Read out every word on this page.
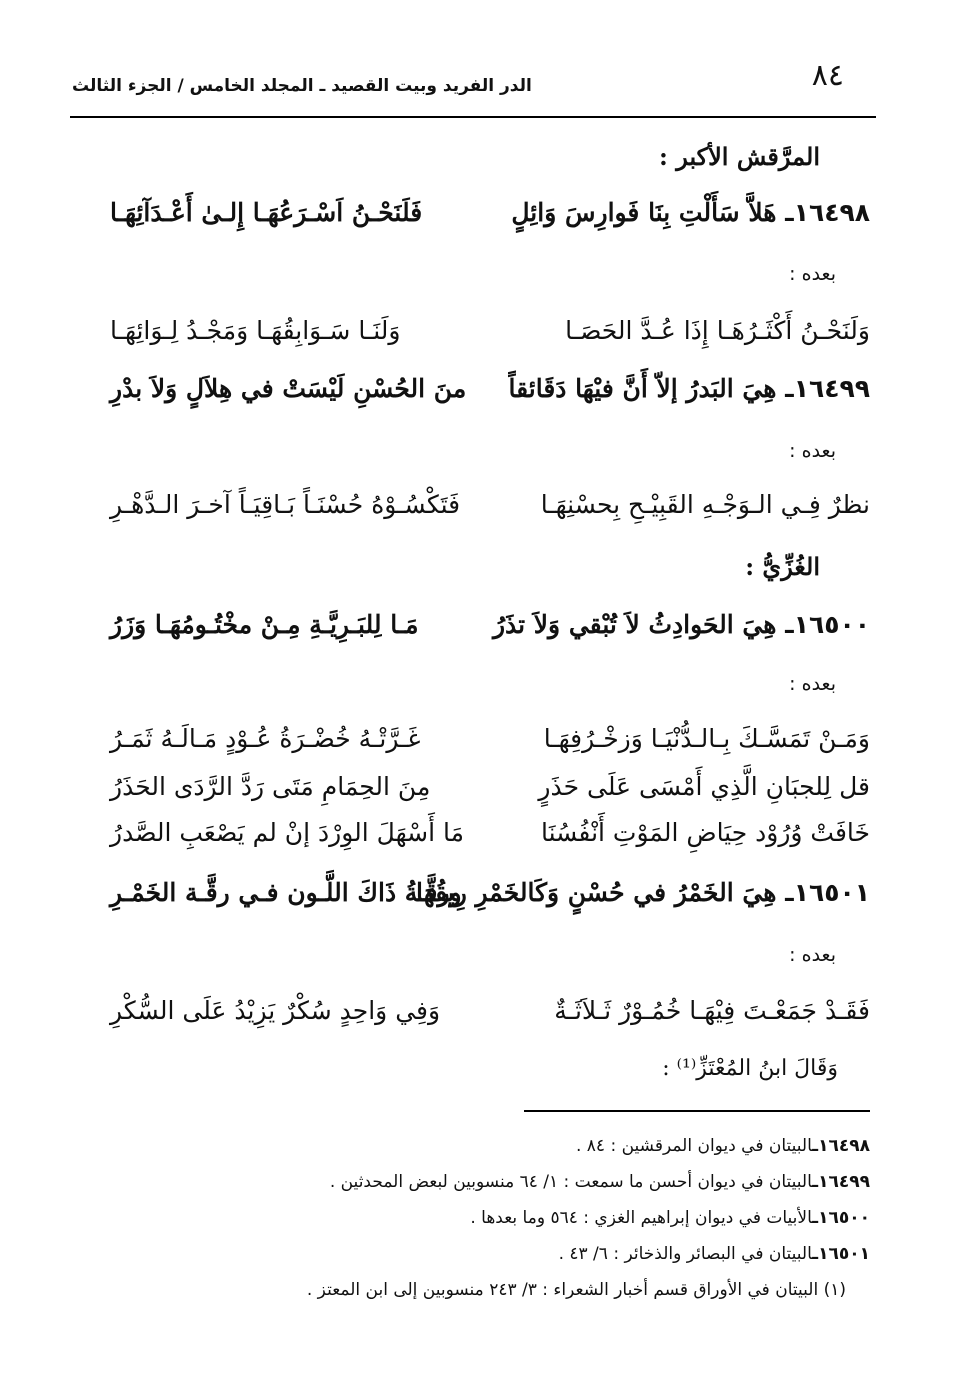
٨٤
الدر الفريد وبيت القصيد ـ المجلد الخامس / الجزء الثالث
المرَّقش الأكبر :
١٦٤٩٨ـ هَلاَّ سَأَلْتِ بِنَا فَوارِسَ وَائِلٍ
فَلَنَحْـنُ اَسْـرَعُهَـا إِلـىٰ أَعْـدَآئِهَـا
بعده :
وَلَنَحْـنُ أَكْثَـرُهَـا إِذَا عُـدَّ الحَصَـا
وَلَنَـا سَـوَابِقُهَـا وَمَجْـدُ لِـوَائِهَـا
١٦٤٩٩ـ هِيَ البَدرُ إلاّ أَنَّ فيْهَا دَقَائقاً
منَ الحُسْنِ لَيْسَتْ في هِلاَلٍ وَلاَ بدْرِ
بعده :
نظرٌ فِـي الـوَجْـهِ القَبِيْـحِ بِحسْنِهَـا
فَتَكْسُـوْهُ حُسْنَـاً بَـاقِيَـاً آخـرَ الـدَّهْـرِ
الغُزِّيُّ :
١٦٥٠٠ـ هِيَ الحَوادِثُ لاَ تُبْقي وَلاَ تذَرُ
مَـا لِلبَـرِيَّـةِ مِـنْ مخْتُـومُهَـا وَزَرُ
بعده :
وَمَـنْ تَمَسَّـكَ بِـالـدُّنْيَـا وَزخْـرُفِهَـا
غَـرَّتْـهُ خُضْـرَةُ عُـوْدٍ مَـالَـهُ ثَمَـرُ
قل لِلجبَانِ الَّذِي أَمْسَى عَلَى حَذَرٍ
مِنَ الحِمَامِ مَتَى رَدَّ الرَّدَى الحَذَرُ
خَافَتْ وُرُوْد حِيَاضِ المَوْتِ أَنْفُسُنَا
مَا أَسْهَلَ الوِرْدَ إنْ لم يَصْعَبِ الصَّدرُ
١٦٥٠١ـ هِيَ الخَمْرُ في حُسْنٍ وَكَالخَمْرِ رِيقُهَا
ورقَّـةُ ذَاكَ اللَّـون فـي رقَّـة الخَمْـرِ
بعده :
فَقَـدْ جَمَعْـتَ فِيْهَـا خُمُـوْرٌ ثَـلاَثَـةٌ
وَفِي وَاحِدٍ سُكْرٌ يَزِيْدُ عَلَى السُّكْرِ
وَقَالَ ابنُ المُعْتَزِّ⁽¹⁾ :
١٦٤٩٨ـالبيتان في ديوان المرقشين : ٨٤ .
١٦٤٩٩ـالبيتان في ديوان أحسن ما سمعت : ١/ ٦٤ منسوبين لبعض المحدثين .
١٦٥٠٠ـالأبيات في ديوان إبراهيم الغزي : ٥٦٤ وما بعدها .
١٦٥٠١ـالبيتان في البصائر والذخائر : ٦/ ٤٣ .
(١) البيتان في الأوراق قسم أخبار الشعراء : ٣/ ٢٤٣ منسوبين إلى ابن المعتز .
